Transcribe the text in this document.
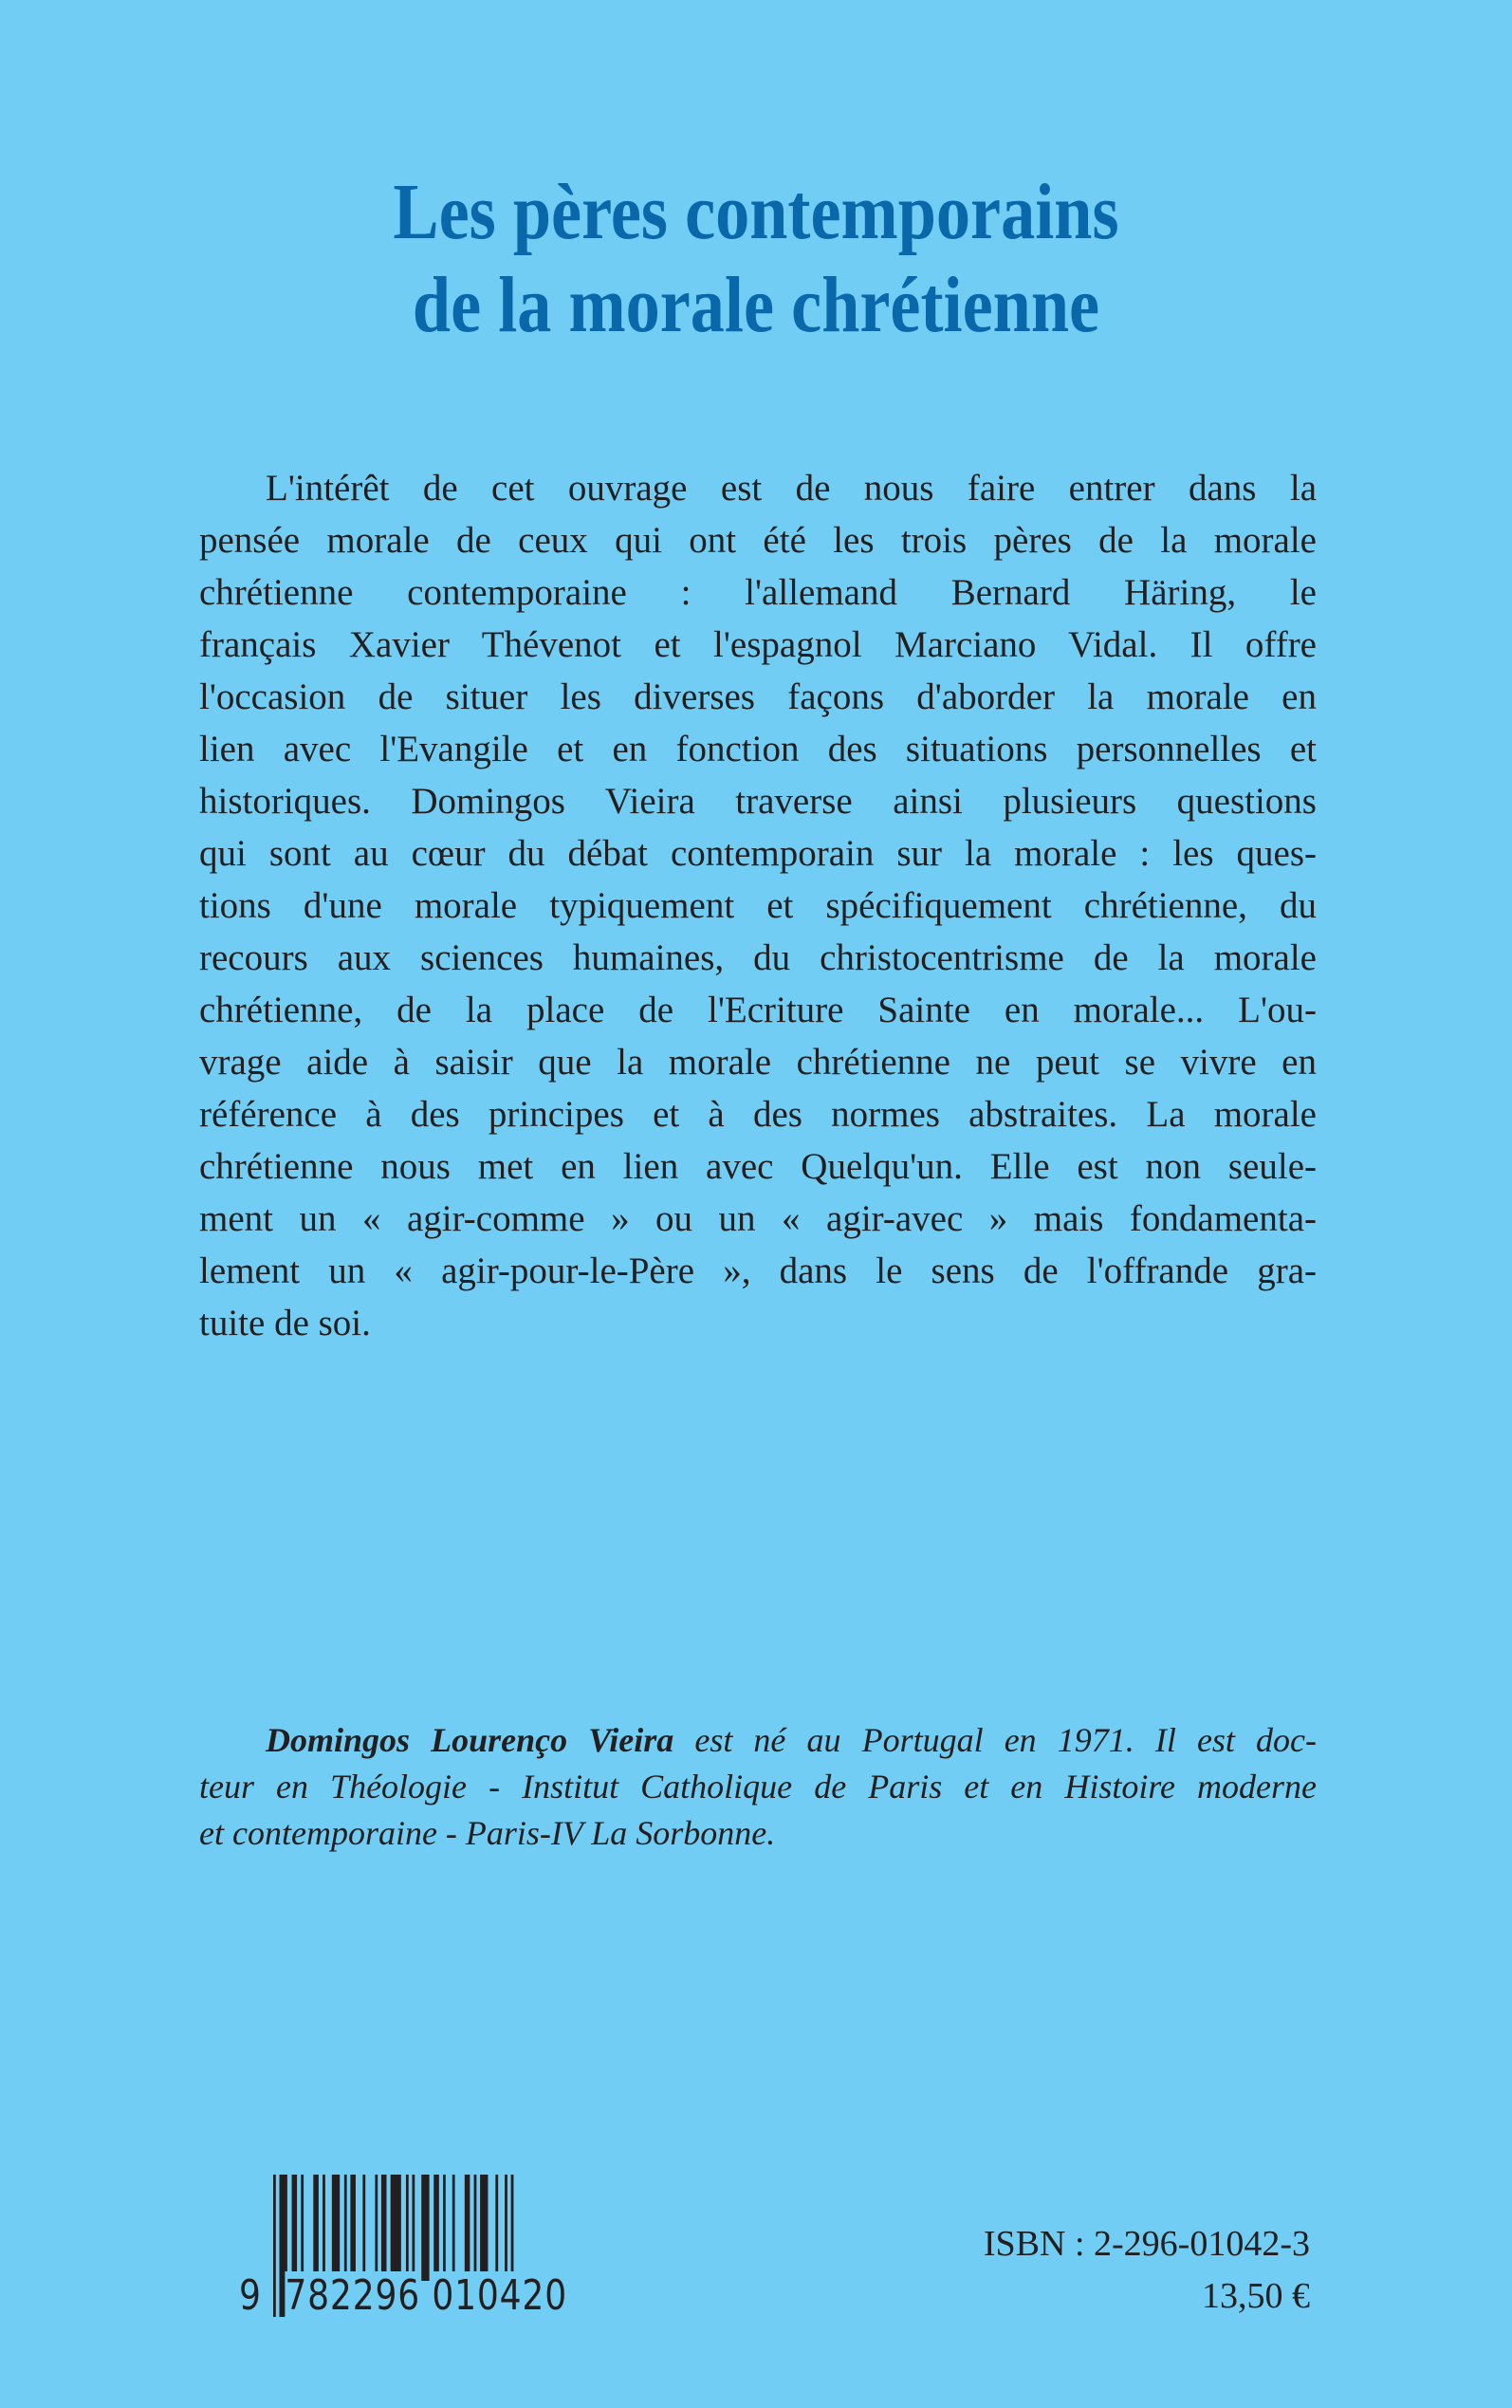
Les pères contemporains
de la morale chrétienne
L'intérêt de cet ouvrage est de nous faire entrer dans la
pensée morale de ceux qui ont été les trois pères de la morale
chrétienne contemporaine : l'allemand Bernard Häring, le
français Xavier Thévenot et l'espagnol Marciano Vidal. Il offre
l'occasion de situer les diverses façons d'aborder la morale en
lien avec l'Evangile et en fonction des situations personnelles et
historiques. Domingos Vieira traverse ainsi plusieurs questions
qui sont au cœur du débat contemporain sur la morale : les ques-
tions d'une morale typiquement et spécifiquement chrétienne, du
recours aux sciences humaines, du christocentrisme de la morale
chrétienne, de la place de l'Ecriture Sainte en morale... L'ou-
vrage aide à saisir que la morale chrétienne ne peut se vivre en
référence à des principes et à des normes abstraites. La morale
chrétienne nous met en lien avec Quelqu'un. Elle est non seule-
ment un « agir-comme » ou un « agir-avec » mais fondamenta-
lement un « agir-pour-le-Père », dans le sens de l'offrande gra-
tuite de soi.
Domingos Lourenço Vieira est né au Portugal en 1971. Il est doc-
teur en Théologie - Institut Catholique de Paris et en Histoire moderne
et contemporaine - Paris-IV La Sorbonne.
9 782296 010420
ISBN : 2-296-01042-3
13,50 €
